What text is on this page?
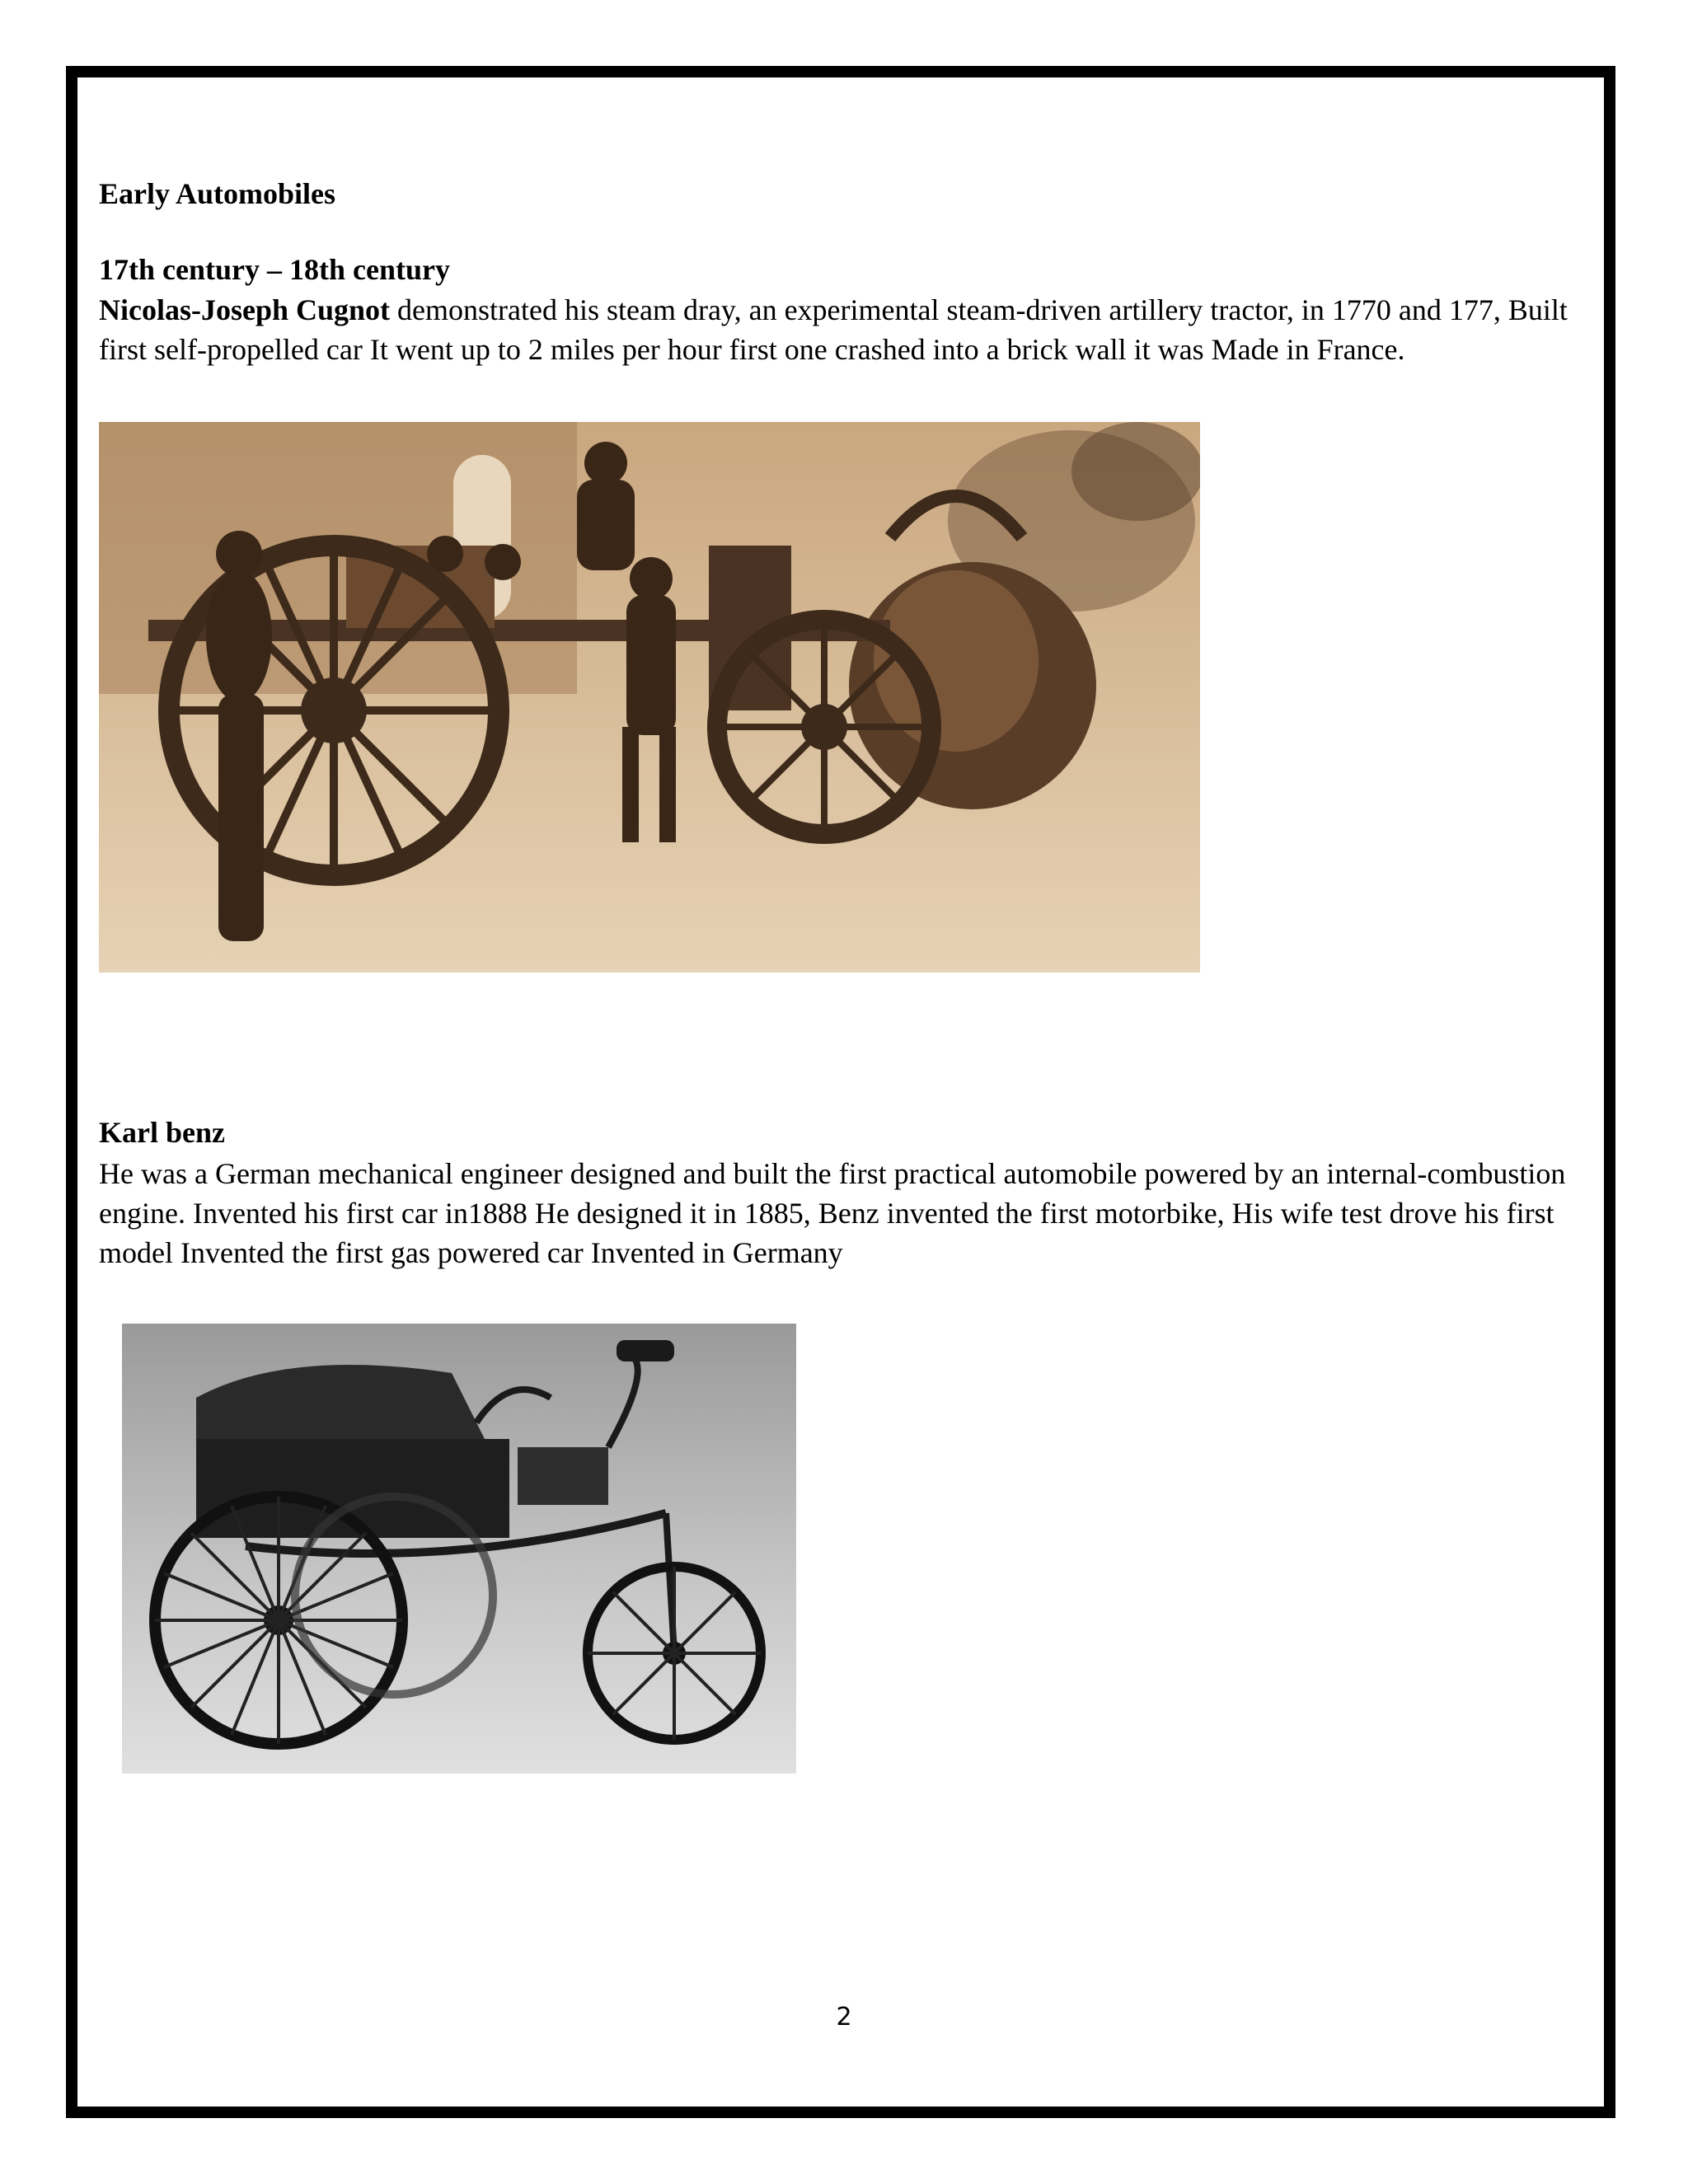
Early Automobiles
17th century – 18th century
Nicolas-Joseph Cugnot demonstrated his steam dray, an experimental steam-driven artillery tractor, in 1770 and 177, Built first self-propelled car It went up to 2 miles per hour first one crashed into a brick wall it was Made in France.
Karl benz
He was a German mechanical engineer designed and built the first practical automobile powered by an internal-combustion engine. Invented his first car in1888 He designed it in 1885, Benz invented the first motorbike, His wife test drove his first model Invented the first gas powered car Invented in Germany
2
